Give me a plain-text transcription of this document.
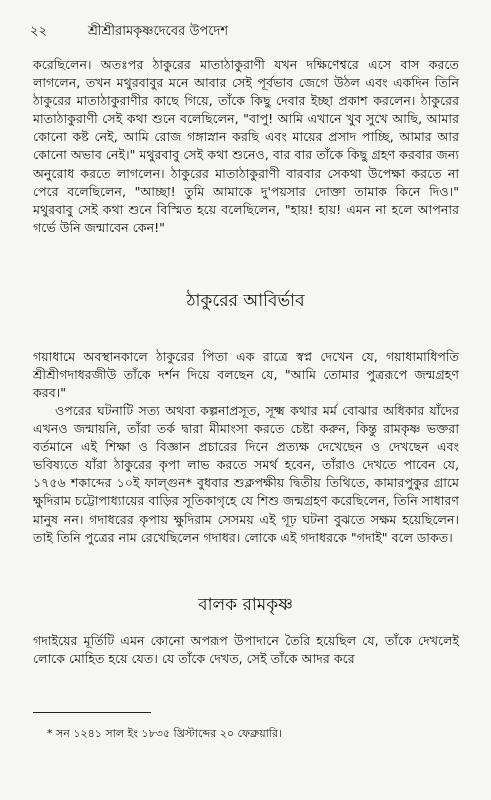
২২	শ্রীশ্রীরামকৃষ্ণদেবের উপদেশ

করেছিলেন। অতঃপর ঠাকুরের মাতাঠাকুরাণী যখন দক্ষিণেশ্বরে এসে বাস করতে লাগলেন, তখন মথুরবাবুর মনে আবার সেই পূর্বভাব জেগে উঠল এবং একদিন তিনি ঠাকুরের মাতাঠাকুরাণীর কাছে গিয়ে, তাঁকে কিছু দেবার ইচ্ছা প্রকাশ করলেন। ঠাকুরের মাতাঠাকুরাণী সেই কথা শুনে বলেছিলেন, "বাপু! আমি এখানে খুব সুখে আছি, আমার কোনো কষ্ট নেই, আমি রোজ গঙ্গাস্নান করছি এবং মায়ের প্রসাদ পাচ্ছি, আমার আর কোনো অভাব নেই।" মথুরবাবু সেই কথা শুনেও, বার বার তাঁকে কিছু গ্রহণ করবার জন্য অনুরোধ করতে লাগলেন। ঠাকুরের মাতাঠাকুরাণী বারবার সেকথা উপেক্ষা করতে না পেরে বলেছিলেন, "আচ্ছা! তুমি আমাকে দু'পয়সার দোক্তা তামাক কিনে দিও।" মথুরবাবু সেই কথা শুনে বিস্মিত হয়ে বলেছিলেন, "হায়! হায়! এমন না হলে আপনার গর্ভে উনি জন্মাবেন কেন!"

ঠাকুরের আবির্ভাব

গয়াধামে অবস্থানকালে ঠাকুরের পিতা এক রাত্রে স্বপ্ন দেখেন যে, গয়াধামাধিপতি শ্রীশ্রীগদাধরজীউ তাঁকে দর্শন দিয়ে বলছেন যে, "আমি তোমার পুত্ররূপে জন্মগ্রহণ করব।"

ওপরের ঘটনাটি সত্য অথবা কল্পনাপ্রসূত, সূক্ষ্ম কথার মর্ম বোঝার অধিকার যাঁদের এখনও জন্মায়নি, তাঁরা তর্ক দ্বারা মীমাংসা করতে চেষ্টা করুন, কিন্তু রামকৃষ্ণ ভক্তরা বর্তমানে এই শিক্ষা ও বিজ্ঞান প্রচারের দিনে প্রত্যক্ষ দেখেছেন ও দেখছেন এবং ভবিষ্যতে যাঁরা ঠাকুরের কৃপা লাভ করতে সমর্থ হবেন, তাঁরাও দেখতে পাবেন যে, ১৭৫৬ শকাব্দের ১০ই ফাল্গুন* বুধবার শুক্লপক্ষীয় দ্বিতীয় তিথিতে, কামারপুকুর গ্রামে ক্ষুদিরাম চট্টোপাধ্যায়ের বাড়ির সূতিকাগৃহে যে শিশু জন্মগ্রহণ করেছিলেন, তিনি সাধারণ মানুষ নন। গদাধরের কৃপায় ক্ষুদিরাম সেসময় এই গূঢ় ঘটনা বুঝতে সক্ষম হয়েছিলেন। তাই তিনি পুত্রের নাম রেখেছিলেন গদাধর। লোকে এই গদাধরকে "গদাই" বলে ডাকত।

বালক রামকৃষ্ণ

গদাইয়ের মূর্তিটি এমন কোনো অপরূপ উপাদানে তৈরি হয়েছিল যে, তাঁকে দেখলেই লোকে মোহিত হয়ে যেত। যে তাঁকে দেখত, সেই তাঁকে আদর করে

* সন ১২৪১ সাল ইং ১৮৩৫ খ্রিস্টাব্দের ২০ ফেব্রুয়ারি।
